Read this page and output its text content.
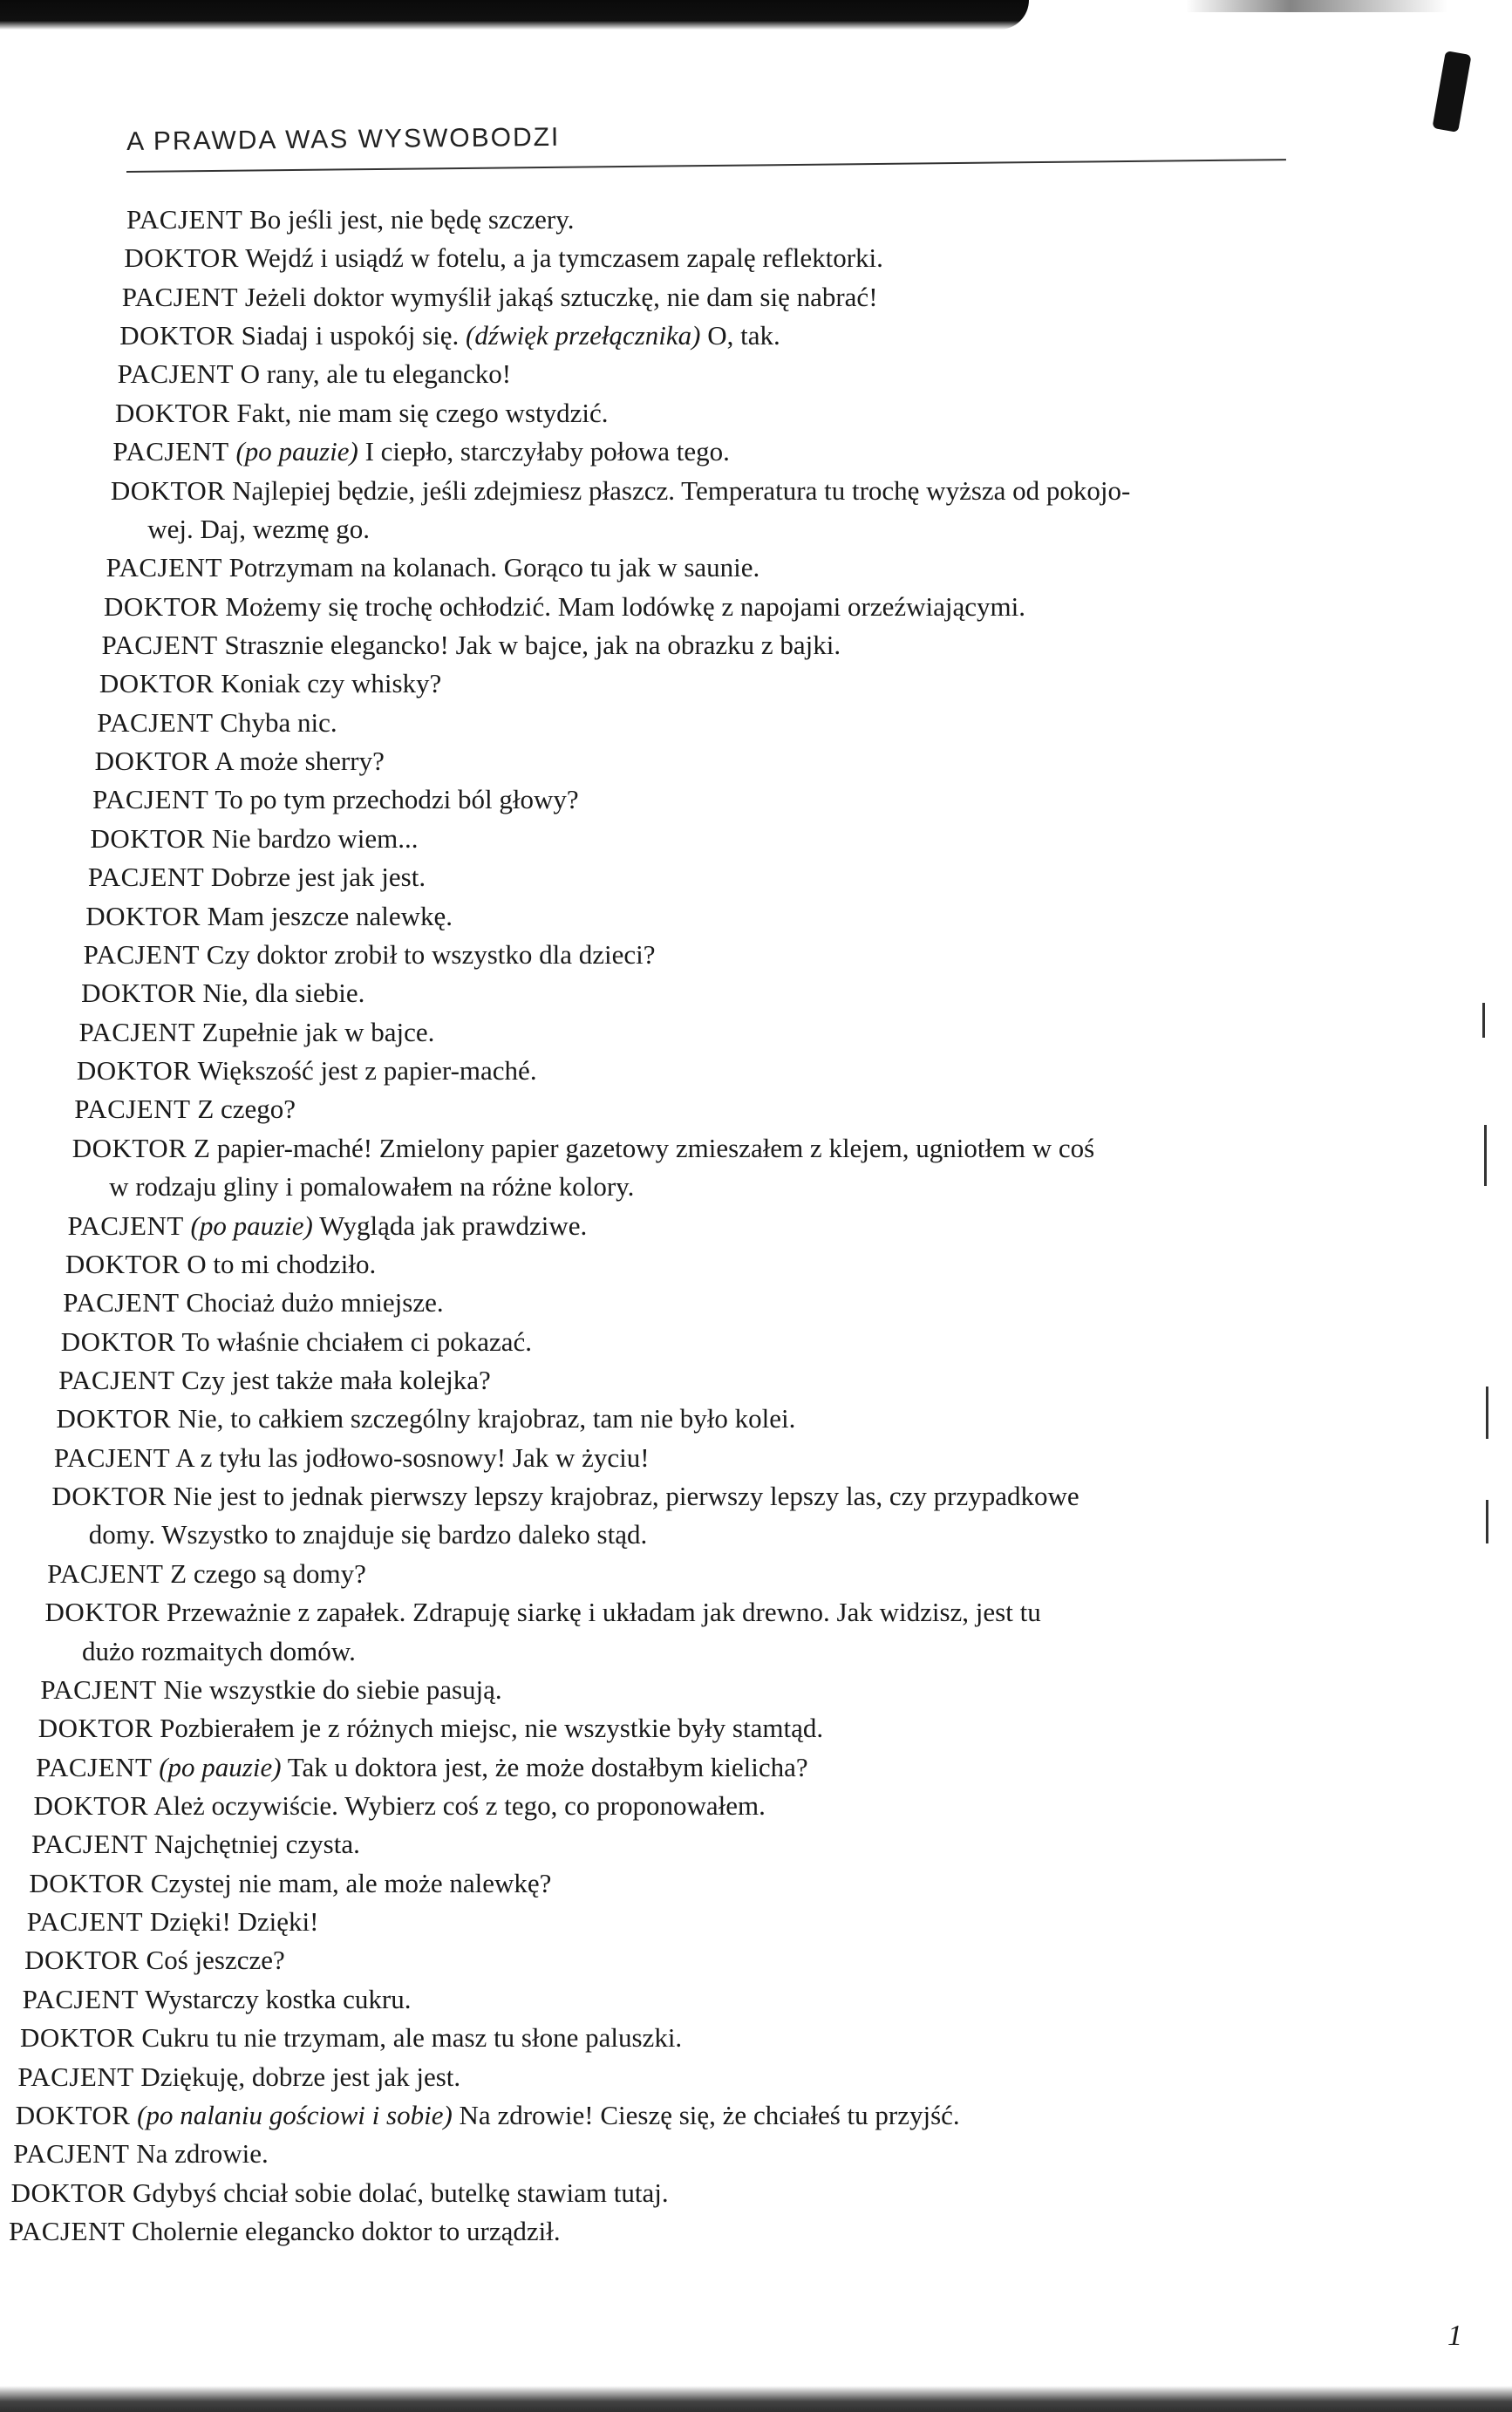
A PRAWDA WAS WYSWOBODZI
PACJENT Bo jeśli jest, nie będę szczery.
DOKTOR Wejdź i usiądź w fotelu, a ja tymczasem zapalę reflektorki.
PACJENT Jeżeli doktor wymyślił jakąś sztuczkę, nie dam się nabrać!
DOKTOR Siadaj i uspokój się. (dźwięk przełącznika) O, tak.
PACJENT O rany, ale tu elegancko!
DOKTOR Fakt, nie mam się czego wstydzić.
PACJENT (po pauzie) I ciepło, starczyłaby połowa tego.
DOKTOR Najlepiej będzie, jeśli zdejmiesz płaszcz. Temperatura tu trochę wyższa od pokojo-
wej. Daj, wezmę go.
PACJENT Potrzymam na kolanach. Gorąco tu jak w saunie.
DOKTOR Możemy się trochę ochłodzić. Mam lodówkę z napojami orzeźwiającymi.
PACJENT Strasznie elegancko! Jak w bajce, jak na obrazku z bajki.
DOKTOR Koniak czy whisky?
PACJENT Chyba nic.
DOKTOR A może sherry?
PACJENT To po tym przechodzi ból głowy?
DOKTOR Nie bardzo wiem...
PACJENT Dobrze jest jak jest.
DOKTOR Mam jeszcze nalewkę.
PACJENT Czy doktor zrobił to wszystko dla dzieci?
DOKTOR Nie, dla siebie.
PACJENT Zupełnie jak w bajce.
DOKTOR Większość jest z papier-maché.
PACJENT Z czego?
DOKTOR Z papier-maché! Zmielony papier gazetowy zmieszałem z klejem, ugniotłem w coś
w rodzaju gliny i pomalowałem na różne kolory.
PACJENT (po pauzie) Wygląda jak prawdziwe.
DOKTOR O to mi chodziło.
PACJENT Chociaż dużo mniejsze.
DOKTOR To właśnie chciałem ci pokazać.
PACJENT Czy jest także mała kolejka?
DOKTOR Nie, to całkiem szczególny krajobraz, tam nie było kolei.
PACJENT A z tyłu las jodłowo-sosnowy! Jak w życiu!
DOKTOR Nie jest to jednak pierwszy lepszy krajobraz, pierwszy lepszy las, czy przypadkowe
domy. Wszystko to znajduje się bardzo daleko stąd.
PACJENT Z czego są domy?
DOKTOR Przeważnie z zapałek. Zdrapuję siarkę i układam jak drewno. Jak widzisz, jest tu
dużo rozmaitych domów.
PACJENT Nie wszystkie do siebie pasują.
DOKTOR Pozbierałem je z różnych miejsc, nie wszystkie były stamtąd.
PACJENT (po pauzie) Tak u doktora jest, że może dostałbym kielicha?
DOKTOR Ależ oczywiście. Wybierz coś z tego, co proponowałem.
PACJENT Najchętniej czysta.
DOKTOR Czystej nie mam, ale może nalewkę?
PACJENT Dzięki! Dzięki!
DOKTOR Coś jeszcze?
PACJENT Wystarczy kostka cukru.
DOKTOR Cukru tu nie trzymam, ale masz tu słone paluszki.
PACJENT Dziękuję, dobrze jest jak jest.
DOKTOR (po nalaniu gościowi i sobie) Na zdrowie! Cieszę się, że chciałeś tu przyjść.
PACJENT Na zdrowie.
DOKTOR Gdybyś chciał sobie dolać, butelkę stawiam tutaj.
PACJENT Cholernie elegancko doktor to urządził.
1
